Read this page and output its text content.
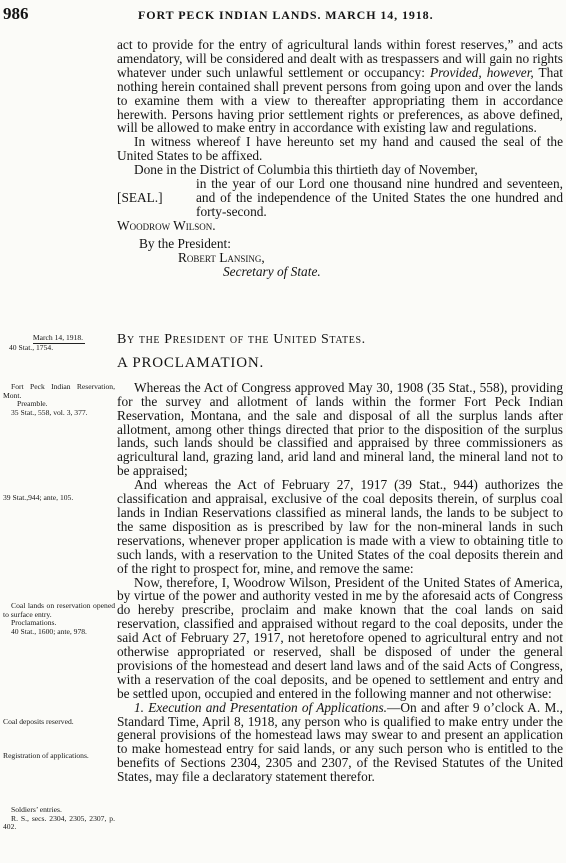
986	FORT PECK INDIAN LANDS. MARCH 14, 1918.

act to provide for the entry of agricultural lands within forest reserves,” and acts amendatory, will be considered and dealt with as trespassers and will gain no rights whatever under such unlawful settlement or occupancy: Provided, however, That nothing herein contained shall prevent persons from going upon and over the lands to examine them with a view to thereafter appropriating them in accordance herewith. Persons having prior settlement rights or preferences, as above defined, will be allowed to make entry in accordance with existing law and regulations.

In witness whereof I have hereunto set my hand and caused the seal of the United States to be affixed.

Done in the District of Columbia this thirtieth day of November,

[SEAL.]

in the year of our Lord one thousand nine hundred and seventeen, and of the independence of the United States the one hundred and forty-second.

Woodrow Wilson.

By the President:

Robert Lansing,

Secretary of State.

By the President of the United States.

A PROCLAMATION.

Whereas the Act of Congress approved May 30, 1908 (35 Stat., 558), providing for the survey and allotment of lands within the former Fort Peck Indian Reservation, Montana, and the sale and disposal of all the surplus lands after allotment, among other things directed that prior to the disposition of the surplus lands, such lands should be classified and appraised by three commissioners as agricultural land, grazing land, arid land and mineral land, the mineral land not to be appraised;

And whereas the Act of February 27, 1917 (39 Stat., 944) authorizes the classification and appraisal, exclusive of the coal deposits therein, of surplus coal lands in Indian Reservations classified as mineral lands, the lands to be subject to the same disposition as is prescribed by law for the non-mineral lands in such reservations, whenever proper application is made with a view to obtaining title to such lands, with a reservation to the United States of the coal deposits therein and of the right to prospect for, mine, and remove the same:

Now, therefore, I, Woodrow Wilson, President of the United States of America, by virtue of the power and authority vested in me by the aforesaid acts of Congress do hereby prescribe, proclaim and make known that the coal lands on said reservation, classified and appraised without regard to the coal deposits, under the said Act of February 27, 1917, not heretofore opened to agricultural entry and not otherwise appropriated or reserved, shall be disposed of under the general provisions of the homestead and desert land laws and of the said Acts of Congress, with a reservation of the coal deposits, and be opened to settlement and entry and be settled upon, occupied and entered in the following manner and not otherwise:

1. Execution and Presentation of Applications.—On and after 9 o’clock A. M., Standard Time, April 8, 1918, any person who is qualified to make entry under the general provisions of the homestead laws may swear to and present an application to make homestead entry for said lands, or any such person who is entitled to the benefits of Sections 2304, 2305 and 2307, of the Revised Statutes of the United States, may file a declaratory statement therefor.

March 14, 1918.
40 Stat., 1754.
Fort Peck Indian Reservation, Mont.
Preamble.
35 Stat., 558, vol. 3, 377.
39 Stat.,944; ante, 105.
Coal lands on reservation opened to surface entry.
Proclamations.
40 Stat., 1600; ante, 978.
Coal deposits reserved.
Registration of applications.
Soldiers’ entries.
R. S., secs. 2304, 2305, 2307, p. 402.
